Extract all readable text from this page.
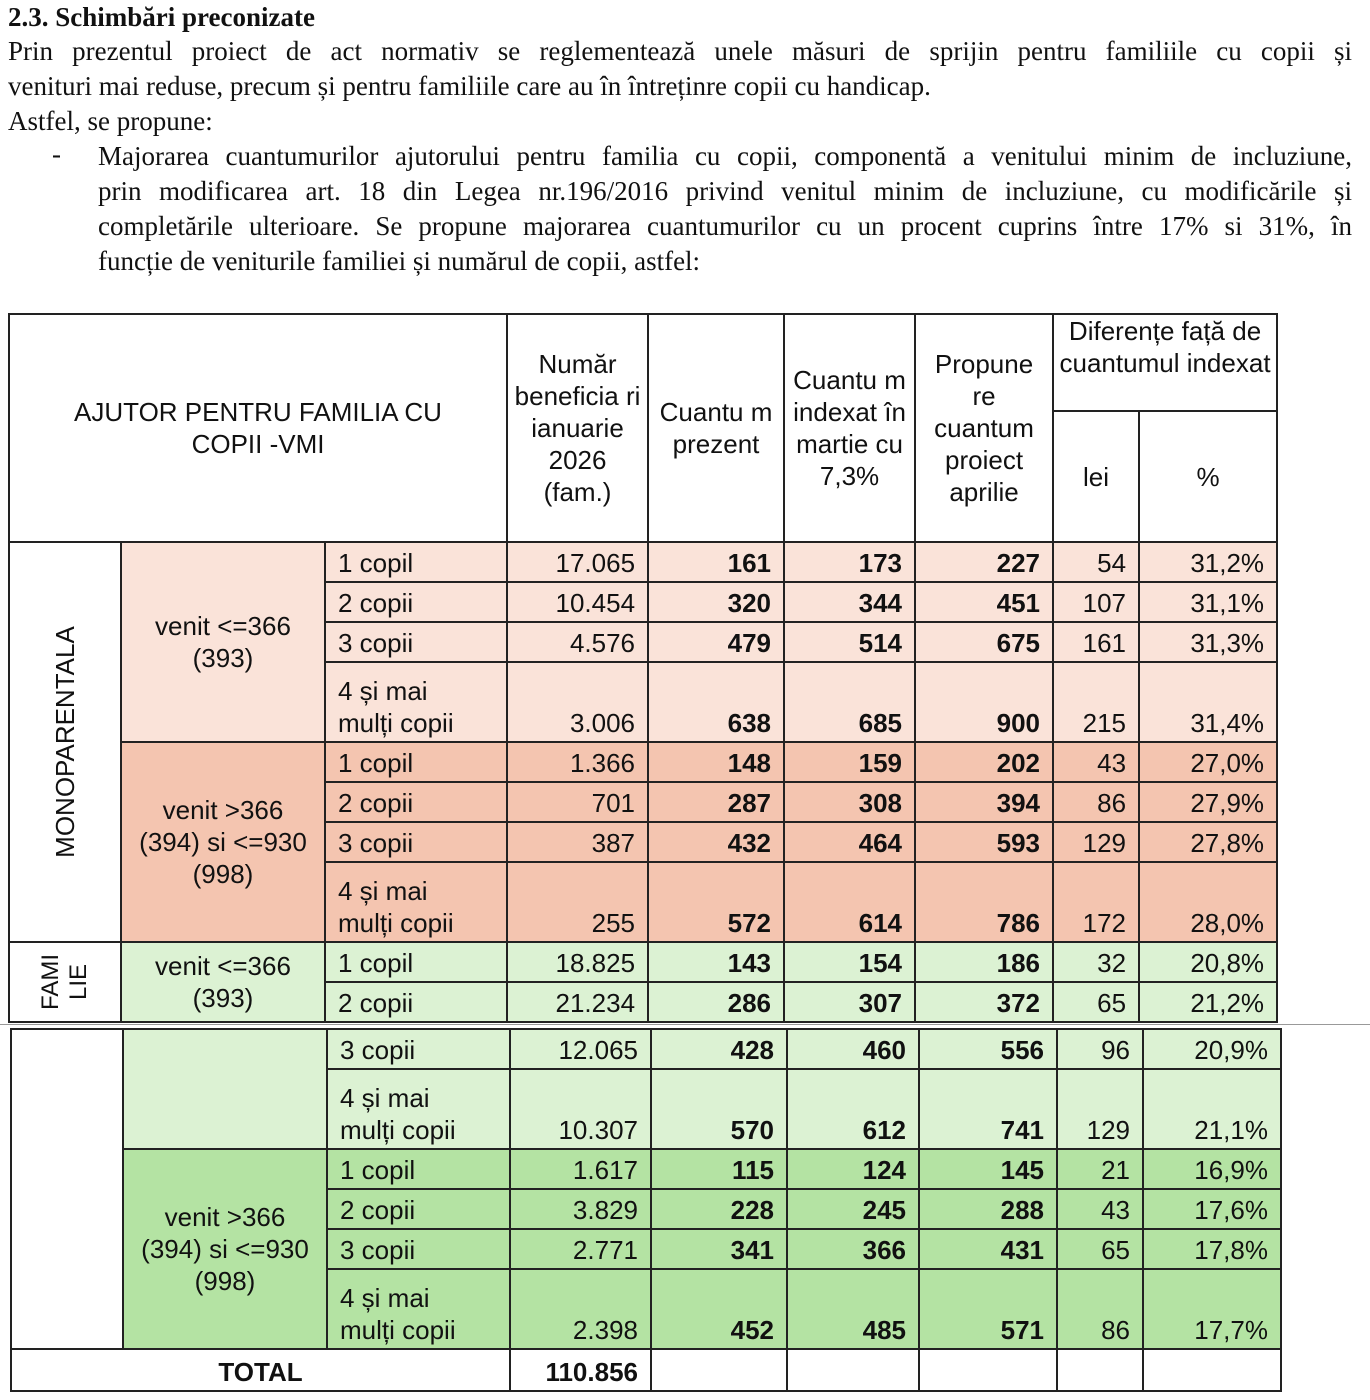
2.3. Schimbări preconizate
Prin prezentul proiect de act normativ se reglementează unele măsuri de sprijin pentru familiile cu copii și
venituri mai reduse, precum și pentru familiile care au în întreținre copii cu handicap.
Astfel, se propune:
- Majorarea cuantumurilor ajutorului pentru familia cu copii, componentă a venitului minim de incluziune,
prin modificarea art. 18 din Legea nr.196/2016 privind venitul minim de incluziune, cu modificările și
completările ulterioare. Se propune majorarea cuantumurilor cu un procent cuprins între 17% si 31%, în
funcție de veniturile familiei și numărul de copii, astfel:
AJUTOR PENTRU FAMILIA CU COPII -VMI			Număr beneficia ri ianuarie 2026 (fam.)	Cuantu m prezent	Cuantu m indexat în martie cu 7,3%	Propune re cuantum proiect aprilie	Diferențe față de cuantumul indexat	
							lei	%

MONOPARENTALA	venit <=366 (393)	1 copil	17.065	161	173	227	54	31,2%
		2 copii	10.454	320	344	451	107	31,1%
		3 copii	4.576	479	514	675	161	31,3%
		4 și mai
mulți copii	3.006	638	685	900	215	31,4%
	venit >366 (394) si <=930 (998)	1 copil	1.366	148	159	202	43	27,0%
		2 copii	701	287	308	394	86	27,9%
		3 copii	387	432	464	593	129	27,8%
		4 și mai
mulți copii	255	572	614	786	172	28,0%

FAMI LIE	venit <=366 (393)	1 copil	18.825	143	154	186	32	20,8%
		2 copii	21.234	286	307	372	65	21,2%
		3 copii	12.065	428	460	556	96	20,9%
		4 și mai
mulți copii	10.307	570	612	741	129	21,1%
	venit >366 (394) si <=930 (998)	1 copil	1.617	115	124	145	21	16,9%
		2 copii	3.829	228	245	288	43	17,6%
		3 copii	2.771	341	366	431	65	17,8%
		4 și mai
mulți copii	2.398	452	485	571	86	17,7%
TOTAL			110.856					
